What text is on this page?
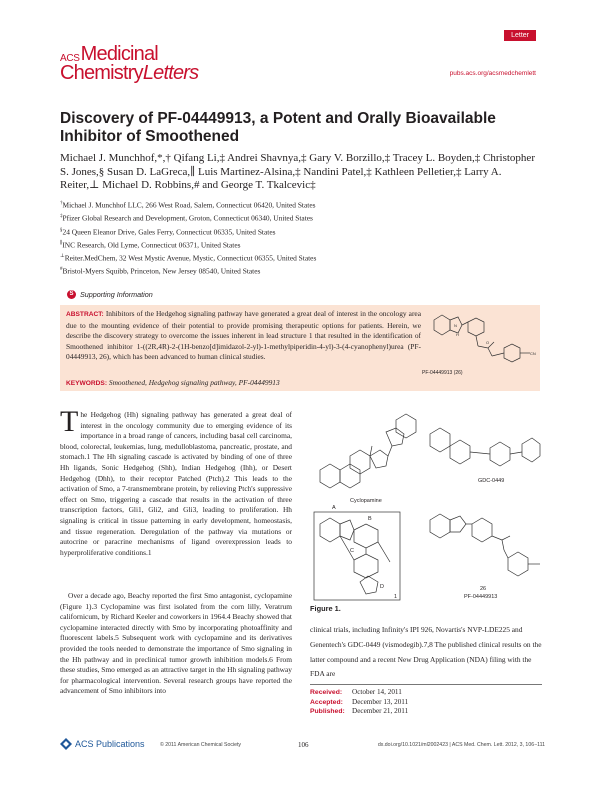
ACS Medicinal
ChemistryLetters
Letter
pubs.acs.org/acsmedchemlett
Discovery of PF-04449913, a Potent and Orally Bioavailable Inhibitor of Smoothened
Michael J. Munchhof,*,† Qifang Li,‡ Andrei Shavnya,‡ Gary V. Borzillo,‡ Tracey L. Boyden,‡ Christopher S. Jones,§ Susan D. LaGreca,∥ Luis Martinez-Alsina,‡ Nandini Patel,‡ Kathleen Pelletier,‡ Larry A. Reiter,⊥ Michael D. Robbins,# and George T. Tkalcevic‡
†Michael J. Munchhof LLC, 266 West Road, Salem, Connecticut 06420, United States
‡Pfizer Global Research and Development, Groton, Connecticut 06340, United States
§24 Queen Eleanor Drive, Gales Ferry, Connecticut 06335, United States
∥INC Research, Old Lyme, Connecticut 06371, United States
⊥Reiter.MedChem, 32 West Mystic Avenue, Mystic, Connecticut 06355, United States
#Bristol-Myers Squibb, Princeton, New Jersey 08540, United States
S Supporting Information
ABSTRACT: Inhibitors of the Hedgehog signaling pathway have generated a great deal of interest in the oncology area due to the mounting evidence of their potential to provide promising therapeutic options for patients. Herein, we describe the discovery strategy to overcome the issues inherent in lead structure 1 that resulted in the identification of Smoothened inhibitor 1-((2R,4R)-2-(1H-benzo[d]imidazol-2-yl)-1-methylpiperidin-4-yl)-3-(4-cyanophenyl)urea (PF-04449913, 26), which has been advanced to human clinical studies.
KEYWORDS: Smoothened, Hedgehog signaling pathway, PF-04449913
N
H
O
CN
PF-04449913 (26)
The Hedgehog (Hh) signaling pathway has generated a great deal of interest in the oncology community due to emerging evidence of its importance in a broad range of cancers, including basal cell carcinoma, blood, colorectal, leukemias, lung, medulloblastoma, pancreatic, prostate, and stomach.1 The Hh signaling cascade is activated by binding of one of three Hh ligands, Sonic Hedgehog (Shh), Indian Hedgehog (Ihh), or Desert Hedgehog (Dhh), to their receptor Patched (Ptch).2 This leads to the activation of Smo, a 7-transmembrane protein, by relieving Ptch's suppressive effect on Smo, triggering a cascade that results in the activation of three transcription factors, Gli1, Gli2, and Gli3, leading to proliferation. Hh signaling is critical in tissue patterning in early development, homeostasis, and tissue regeneration. Deregulation of the pathway via mutations or autocrine or paracrine mechanisms of ligand overexpression leads to hyperproliferative conditions.1
Over a decade ago, Beachy reported the first Smo antagonist, cyclopamine (Figure 1).3 Cyclopamine was first isolated from the corn lilly, Veratrum californicum, by Richard Keeler and coworkers in 1964.4 Beachy showed that cyclopamine interacted directly with Smo by incorporating photoaffinity and fluorescent labels.5 Subsequent work with cyclopamine and its derivatives provided the tools needed to demonstrate the importance of Smo signaling in the Hh pathway and in preclinical tumor growth inhibition models.6 From these studies, Smo emerged as an attractive target in the Hh signaling pathway for pharmacological intervention. Several research groups have reported the advancement of Smo inhibitors into
Cyclopamine
GDC-0449
A
B
C
D
1
26
PF-04449913
Figure 1.
clinical trials, including Infinity's IPI 926, Novartis's NVP-LDE225 and Genentech's GDC-0449 (vismodegib).7,8 The published clinical results on the latter compound and a recent New Drug Application (NDA) filing with the FDA are
Received:	October 14, 2011
Accepted:	December 13, 2011
Published:	December 21, 2011
ACS Publications	© 2011 American Chemical Society	106	dx.doi.org/10.1021/ml2002423 | ACS Med. Chem. Lett. 2012, 3, 106−111
